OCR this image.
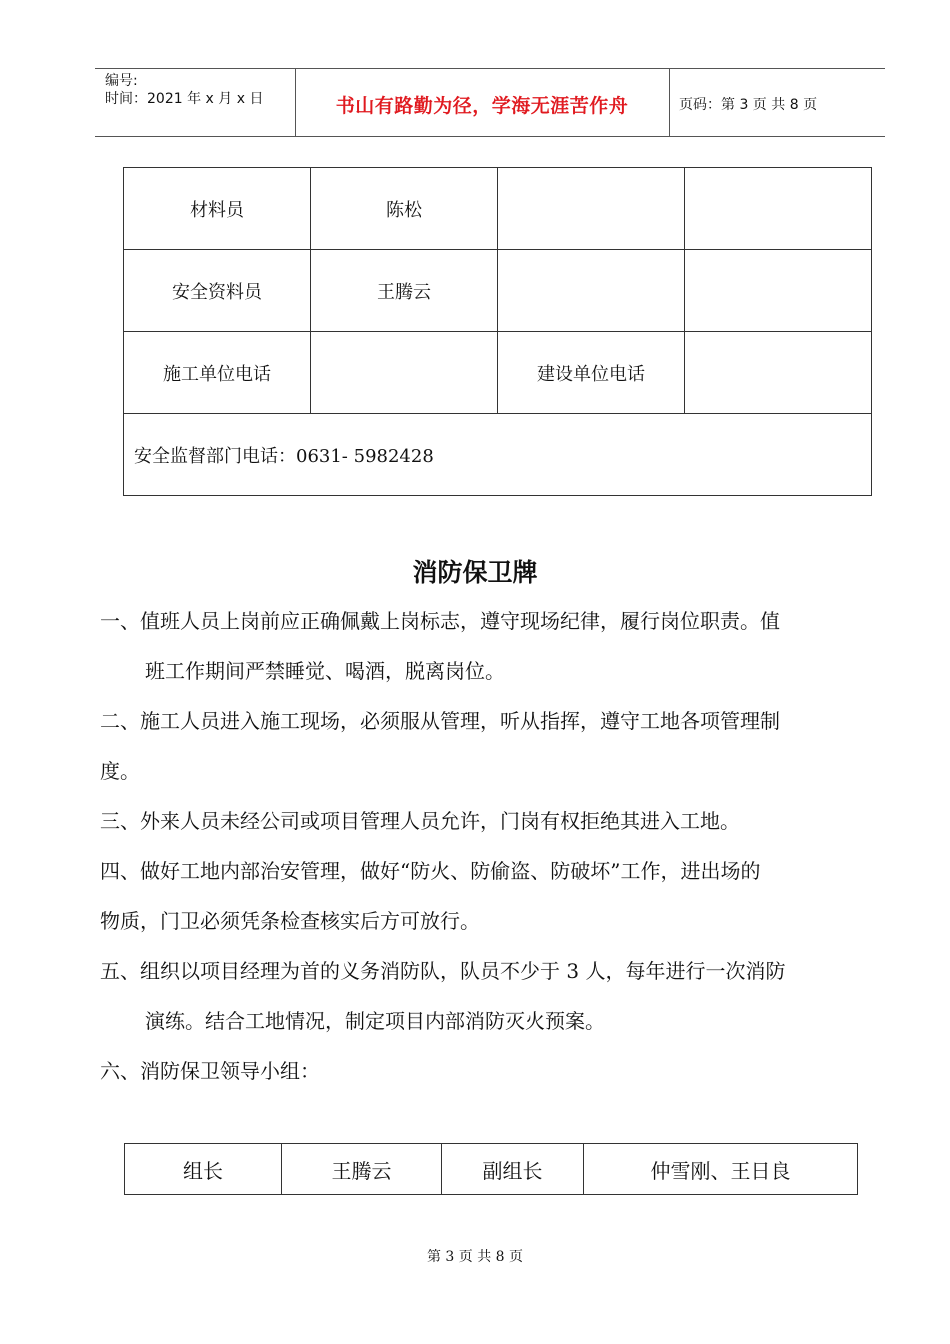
编号:
时间：2021 年 x 月 x 日	书山有路勤为径，学海无涯苦作舟	页码：第 3 页 共 8 页
材料员	陈松		
安全资料员	王腾云		
施工单位电话		建设单位电话	
安全监督部门电话：0631- 5982428			
消防保卫牌
一、值班人员上岗前应正确佩戴上岗标志，遵守现场纪律，履行岗位职责。值
班工作期间严禁睡觉、喝酒，脱离岗位。
二、施工人员进入施工现场，必须服从管理，听从指挥，遵守工地各项管理制
度。
三、外来人员未经公司或项目管理人员允许，门岗有权拒绝其进入工地。
四、做好工地内部治安管理，做好“防火、防偷盗、防破坏”工作，进出场的
物质，门卫必须凭条检查核实后方可放行。
五、组织以项目经理为首的义务消防队，队员不少于 3 人，每年进行一次消防
演练。结合工地情况，制定项目内部消防灭火预案。
六、消防保卫领导小组：
组长	王腾云	副组长	仲雪刚、王日良
第 3 页 共 8 页
